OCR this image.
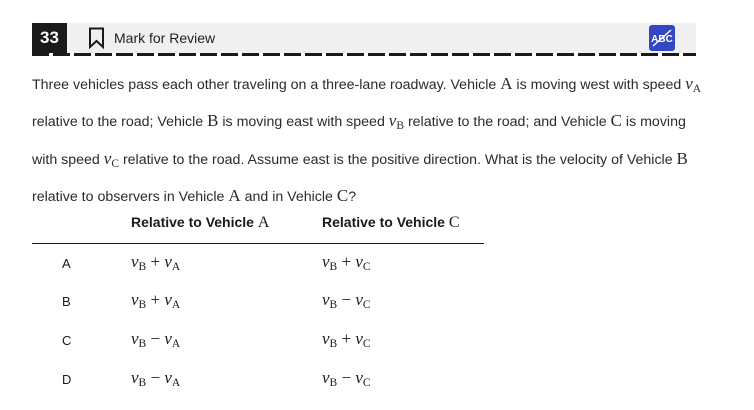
33	Mark for Review	ABC

Three vehicles pass each other traveling on a three-lane roadway. Vehicle A is moving west with speed $v_A$ relative to the road; Vehicle B is moving east with speed $v_B$ relative to the road; and Vehicle C is moving with speed $v_C$ relative to the road. Assume east is the positive direction. What is the velocity of Vehicle B relative to observers in Vehicle A and in Vehicle C?

Relative to Vehicle A	Relative to Vehicle C
A	$v_B + v_A$	$v_B + v_C$
B	$v_B + v_A$	$v_B - v_C$
C	$v_B - v_A$	$v_B + v_C$
D	$v_B - v_A$	$v_B - v_C$
